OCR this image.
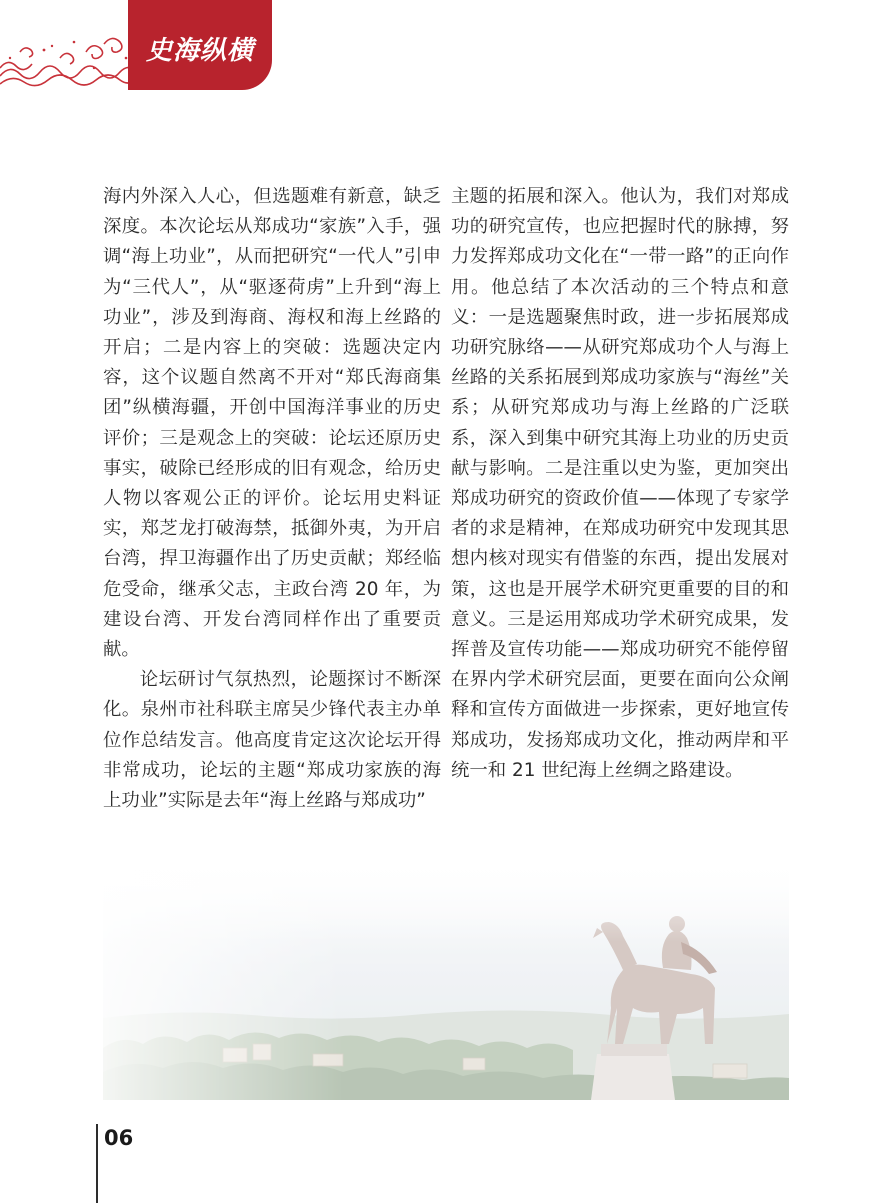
史海纵横

海内外深入人心，但选题难有新意，缺乏深度。本次论坛从郑成功“家族”入手，强调“海上功业”，从而把研究“一代人”引申为“三代人”，从“驱逐荷虏”上升到“海上功业”，涉及到海商、海权和海上丝路的开启；二是内容上的突破：选题决定内容，这个议题自然离不开对“郑氏海商集团”纵横海疆，开创中国海洋事业的历史评价；三是观念上的突破：论坛还原历史事实，破除已经形成的旧有观念，给历史人物以客观公正的评价。论坛用史料证实，郑芝龙打破海禁，抵御外夷，为开启台湾，捍卫海疆作出了历史贡献；郑经临危受命，继承父志，主政台湾 20 年，为建设台湾、开发台湾同样作出了重要贡献。

论坛研讨气氛热烈，论题探讨不断深化。泉州市社科联主席吴少锋代表主办单位作总结发言。他高度肯定这次论坛开得非常成功，论坛的主题“郑成功家族的海上功业”实际是去年“海上丝路与郑成功”

主题的拓展和深入。他认为，我们对郑成功的研究宣传，也应把握时代的脉搏，努力发挥郑成功文化在“一带一路”的正向作用。他总结了本次活动的三个特点和意义：一是选题聚焦时政，进一步拓展郑成功研究脉络——从研究郑成功个人与海上丝路的关系拓展到郑成功家族与“海丝”关系；从研究郑成功与海上丝路的广泛联系，深入到集中研究其海上功业的历史贡献与影响。二是注重以史为鉴，更加突出郑成功研究的资政价值——体现了专家学者的求是精神，在郑成功研究中发现其思想内核对现实有借鉴的东西，提出发展对策，这也是开展学术研究更重要的目的和意义。三是运用郑成功学术研究成果，发挥普及宣传功能——郑成功研究不能停留在界内学术研究层面，更要在面向公众阐释和宣传方面做进一步探索，更好地宣传郑成功，发扬郑成功文化，推动两岸和平统一和 21 世纪海上丝绸之路建设。

06
